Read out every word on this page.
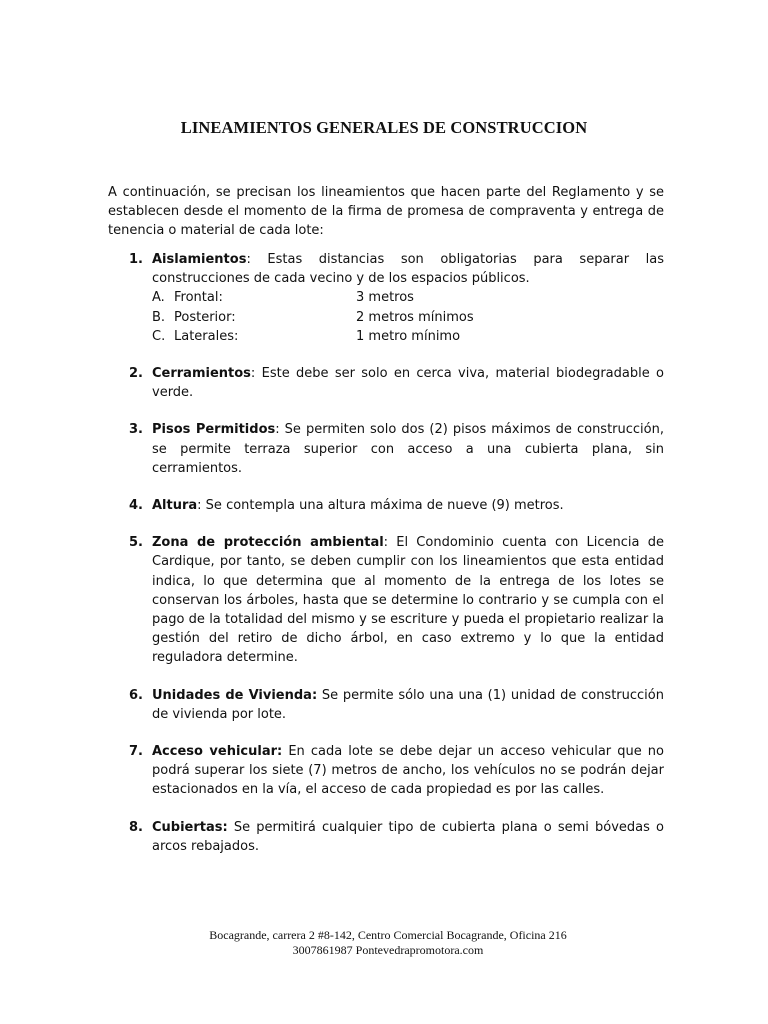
LINEAMIENTOS GENERALES DE CONSTRUCCION

A continuación, se precisan los lineamientos que hacen parte del Reglamento y se establecen desde el momento de la firma de promesa de compraventa y entrega de tenencia o material de cada lote:

1. Aislamientos: Estas distancias son obligatorias para separar las construcciones de cada vecino y de los espacios públicos.
A. Frontal:	3 metros
B. Posterior:	2 metros mínimos
C. Laterales:	1 metro mínimo
2. Cerramientos: Este debe ser solo en cerca viva, material biodegradable o verde.
3. Pisos Permitidos: Se permiten solo dos (2) pisos máximos de construcción, se permite terraza superior con acceso a una cubierta plana, sin cerramientos.
4. Altura: Se contempla una altura máxima de nueve (9) metros.
5. Zona de protección ambiental: El Condominio cuenta con Licencia de Cardique, por tanto, se deben cumplir con los lineamientos que esta entidad indica, lo que determina que al momento de la entrega de los lotes se conservan los árboles, hasta que se determine lo contrario y se cumpla con el pago de la totalidad del mismo y se escriture y pueda el propietario realizar la gestión del retiro de dicho árbol, en caso extremo y lo que la entidad reguladora determine.
6. Unidades de Vivienda: Se permite sólo una una (1) unidad de construcción de vivienda por lote.
7. Acceso vehicular: En cada lote se debe dejar un acceso vehicular que no podrá superar los siete (7) metros de ancho, los vehículos no se podrán dejar estacionados en la vía, el acceso de cada propiedad es por las calles.
8. Cubiertas: Se permitirá cualquier tipo de cubierta plana o semi bóvedas o arcos rebajados.

Bocagrande, carrera 2 #8-142, Centro Comercial Bocagrande, Oficina 216

3007861987 Pontevedrapromotora.com
